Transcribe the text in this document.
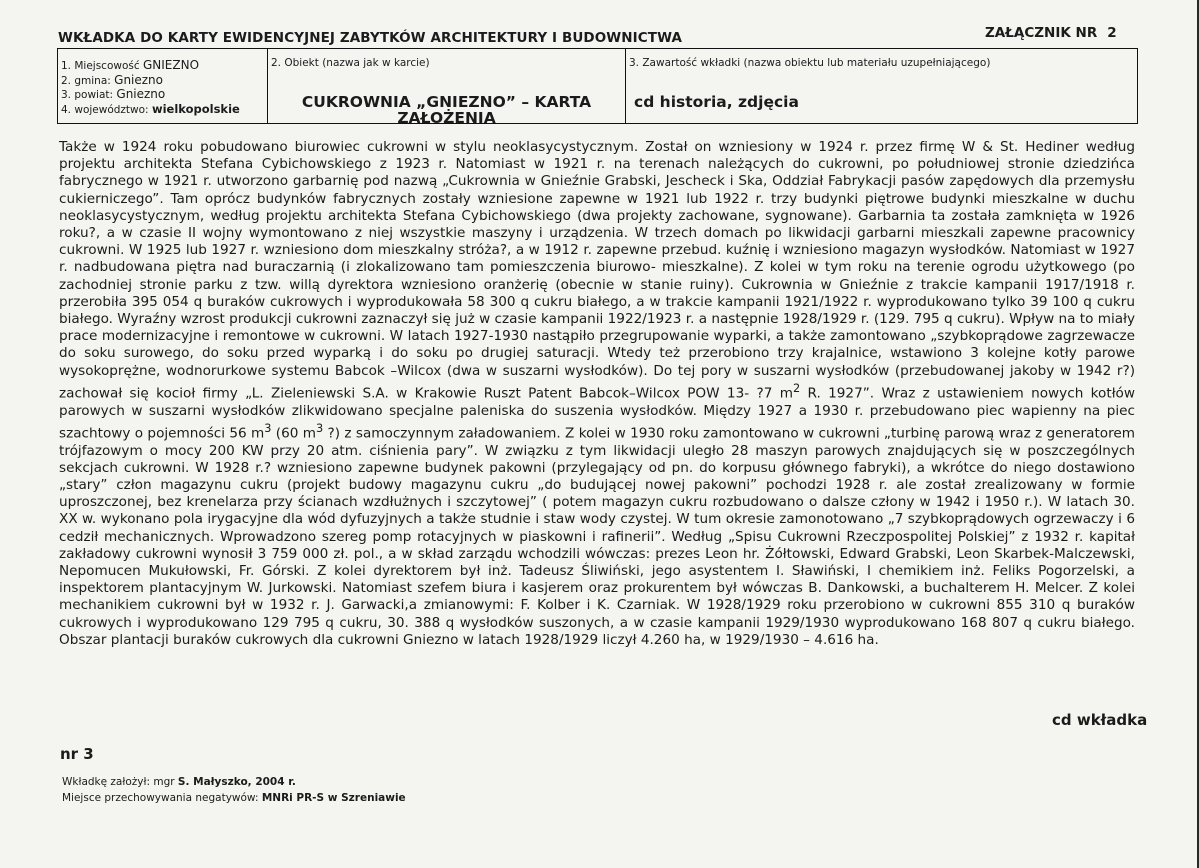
WKŁADKA DO KARTY EWIDENCYJNEJ ZABYTKÓW ARCHITEKTURY I BUDOWNICTWA	ZAŁĄCZNIK NR 2
1. Miejscowość GNIEZNO
2. gmina: Gniezno
3. powiat: Gniezno
4. województwo: wielkopolskie
2. Obiekt (nazwa jak w karcie)
CUKROWNIA „GNIEZNO” – KARTA ZAŁOŻENIA
3. Zawartość wkładki (nazwa obiektu lub materiału uzupełniającego)
cd historia, zdjęcia

Także w 1924 roku pobudowano biurowiec cukrowni w stylu neoklasycystycznym. Został on wzniesiony w 1924 r. przez firmę W & St. Hediner według projektu architekta Stefana Cybichowskiego z 1923 r. Natomiast w 1921 r. na terenach należących do cukrowni, po południowej stronie dziedzińca fabrycznego w 1921 r. utworzono garbarnię pod nazwą „Cukrownia w Gnieźnie Grabski, Jescheck i Ska, Oddział Fabrykacji pasów zapędowych dla przemysłu cukierniczego”. Tam oprócz budynków fabrycznych zostały wzniesione zapewne w 1921 lub 1922 r. trzy budynki piętrowe budynki mieszkalne w duchu neoklasycystycznym, według projektu architekta Stefana Cybichowskiego (dwa projekty zachowane, sygnowane). Garbarnia ta została zamknięta w 1926 roku?, a w czasie II wojny wymontowano z niej wszystkie maszyny i urządzenia. W trzech domach po likwidacji garbarni mieszkali zapewne pracownicy cukrowni. W 1925 lub 1927 r. wzniesiono dom mieszkalny stróża?, a w 1912 r. zapewne przebud. kuźnię i wzniesiono magazyn wysłodków. Natomiast w 1927 r. nadbudowana piętra nad buraczarnią (i zlokalizowano tam pomieszczenia biurowo- mieszkalne). Z kolei w tym roku na terenie ogrodu użytkowego (po zachodniej stronie parku z tzw. willą dyrektora wzniesiono oranżerię (obecnie w stanie ruiny). Cukrownia w Gnieźnie z trakcie kampanii 1917/1918 r. przerobiła 395 054 q buraków cukrowych i wyprodukowała 58 300 q cukru białego, a w trakcie kampanii 1921/1922 r. wyprodukowano tylko 39 100 q cukru białego. Wyraźny wzrost produkcji cukrowni zaznaczył się już w czasie kampanii 1922/1923 r. a następnie 1928/1929 r. (129. 795 q cukru). Wpływ na to miały prace modernizacyjne i remontowe w cukrowni. W latach 1927-1930 nastąpiło przegrupowanie wyparki, a także zamontowano „szybkoprądowe zagrzewacze do soku surowego, do soku przed wyparką i do soku po drugiej saturacji. Wtedy też przerobiono trzy krajalnice, wstawiono 3 kolejne kotły parowe wysokoprężne, wodnorurkowe systemu Babcok –Wilcox (dwa w suszarni wysłodków). Do tej pory w suszarni wysłodków (przebudowanej jakoby w 1942 r?) zachował się kocioł firmy „L. Zieleniewski S.A. w Krakowie Ruszt Patent Babcok–Wilcox POW 13- ?7 $m^2$ R. 1927”. Wraz z ustawieniem nowych kotłów parowych w suszarni wysłodków zlikwidowano specjalne paleniska do suszenia wysłodków. Między 1927 a 1930 r. przebudowano piec wapienny na piec szachtowy o pojemności 56 $m^3$ (60 $m^3$ ?) z samoczynnym załadowaniem. Z kolei w 1930 roku zamontowano w cukrowni „turbinę parową wraz z generatorem trójfazowym o mocy 200 KW przy 20 atm. ciśnienia pary”. W związku z tym likwidacji uległo 28 maszyn parowych znajdujących się w poszczególnych sekcjach cukrowni. W 1928 r.? wzniesiono zapewne budynek pakowni (przylegający od pn. do korpusu głównego fabryki), a wkrótce do niego dostawiono „stary” człon magazynu cukru (projekt budowy magazynu cukru „do budującej nowej pakowni” pochodzi 1928 r. ale został zrealizowany w formie uproszczonej, bez krenelarza przy ścianach wzdłużnych i szczytowej” ( potem magazyn cukru rozbudowano o dalsze człony w 1942 i 1950 r.). W latach 30. XX w. wykonano pola irygacyjne dla wód dyfuzyjnych a także studnie i staw wody czystej. W tum okresie zamonotowano „7 szybkoprądowych ogrzewaczy i 6 cedził mechanicznych. Wprowadzono szereg pomp rotacyjnych w piaskowni i rafinerii”. Według „Spisu Cukrowni Rzeczpospolitej Polskiej” z 1932 r. kapitał zakładowy cukrowni wynosił 3 759 000 zł. pol., a w skład zarządu wchodzili wówczas: prezes Leon hr. Żółtowski, Edward Grabski, Leon Skarbek-Malczewski, Nepomucen Mukułowski, Fr. Górski. Z kolei dyrektorem był inż. Tadeusz Śliwiński, jego asystentem I. Sławiński, I chemikiem inż. Feliks Pogorzelski, a inspektorem plantacyjnym W. Jurkowski. Natomiast szefem biura i kasjerem oraz prokurentem był wówczas B. Dankowski, a buchalterem H. Melcer. Z kolei mechanikiem cukrowni był w 1932 r. J. Garwacki,a zmianowymi: F. Kolber i K. Czarniak. W 1928/1929 roku przerobiono w cukrowni 855 310 q buraków cukrowych i wyprodukowano 129 795 q cukru, 30. 388 q wysłodków suszonych, a w czasie kampanii 1929/1930 wyprodukowano 168 807 q cukru białego. Obszar plantacji buraków cukrowych dla cukrowni Gniezno w latach 1928/1929 liczył 4.260 ha, w 1929/1930 – 4.616 ha.

cd wkładka
nr 3
Wkładkę założył: mgr S. Małyszko, 2004 r.
Miejsce przechowywania negatywów: MNRi PR-S w Szreniawie
